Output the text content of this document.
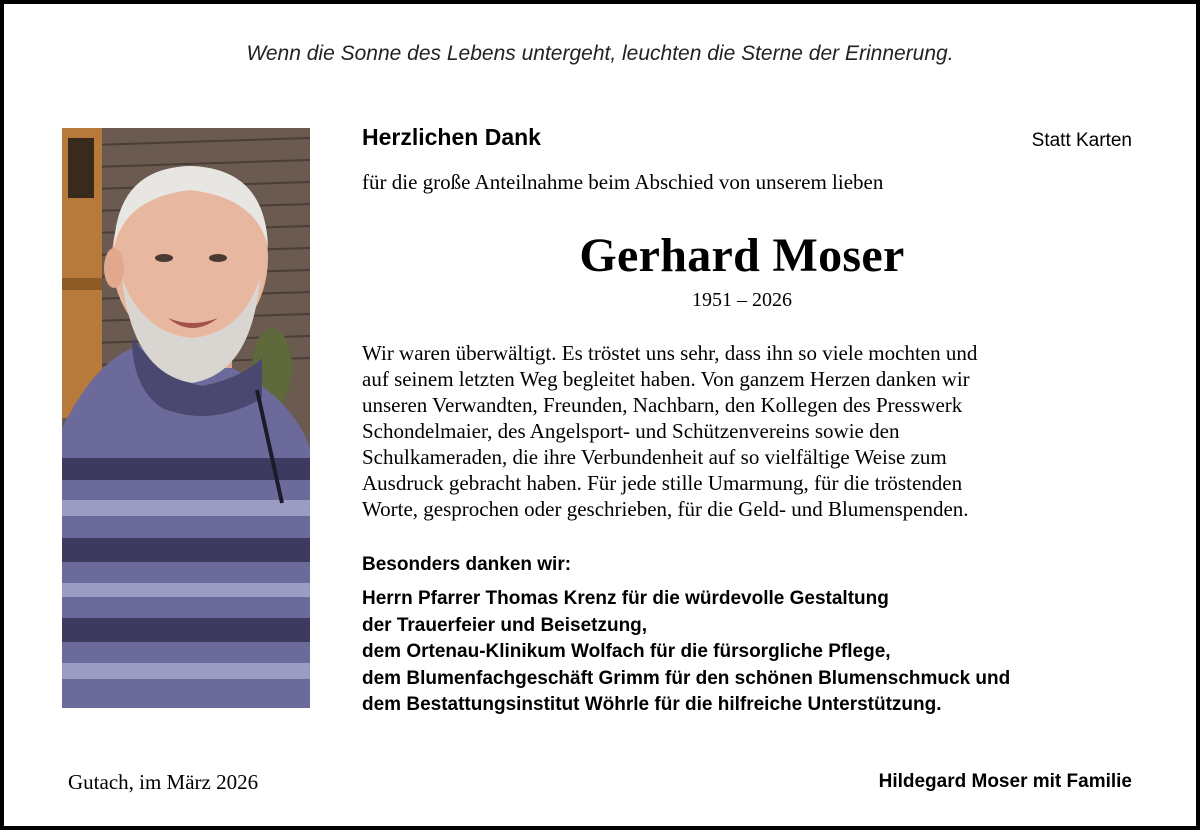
Wenn die Sonne des Lebens untergeht, leuchten die Sterne der Erinnerung.
Herzlichen Dank	Statt Karten
für die große Anteilnahme beim Abschied von unserem lieben
Gerhard Moser
1951 – 2026
Wir waren überwältigt. Es tröstet uns sehr, dass ihn so viele mochten und
auf seinem letzten Weg begleitet haben. Von ganzem Herzen danken wir
unseren Verwandten, Freunden, Nachbarn, den Kollegen des Presswerk
Schondelmaier, des Angelsport- und Schützenvereins sowie den
Schulkameraden, die ihre Verbundenheit auf so vielfältige Weise zum
Ausdruck gebracht haben. Für jede stille Umarmung, für die tröstenden
Worte, gesprochen oder geschrieben, für die Geld- und Blumenspenden.
Besonders danken wir:
Herrn Pfarrer Thomas Krenz für die würdevolle Gestaltung
der Trauerfeier und Beisetzung,
dem Ortenau-Klinikum Wolfach für die fürsorgliche Pflege,
dem Blumenfachgeschäft Grimm für den schönen Blumenschmuck und
dem Bestattungsinstitut Wöhrle für die hilfreiche Unterstützung.
Gutach, im März 2026	Hildegard Moser mit Familie
